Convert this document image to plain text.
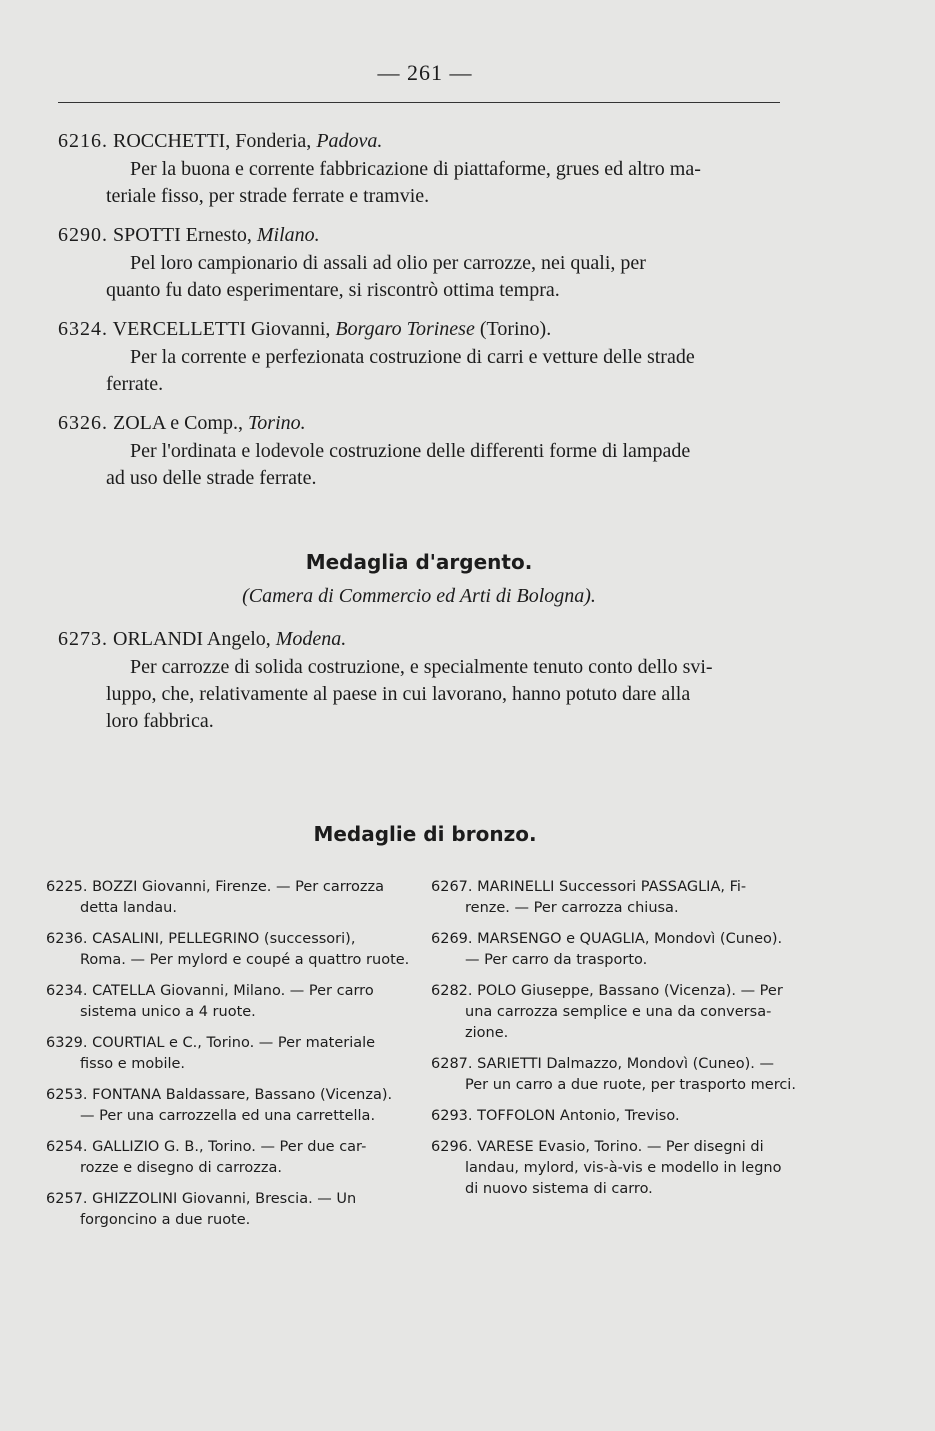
— 261 —

6216. ROCCHETTI, Fonderia, Padova.

Per la buona e corrente fabbricazione di piattaforme, grues ed altro ma-

teriale fisso, per strade ferrate e tramvie.

6290. SPOTTI Ernesto, Milano.

Pel loro campionario di assali ad olio per carrozze, nei quali, per

quanto fu dato esperimentare, si riscontrò ottima tempra.

6324. VERCELLETTI Giovanni, Borgaro Torinese (Torino).

Per la corrente e perfezionata costruzione di carri e vetture delle strade

ferrate.

6326. ZOLA e Comp., Torino.

Per l'ordinata e lodevole costruzione delle differenti forme di lampade

ad uso delle strade ferrate.

Medaglia d'argento.

(Camera di Commercio ed Arti di Bologna).

6273. ORLANDI Angelo, Modena.

Per carrozze di solida costruzione, e specialmente tenuto conto dello svi-

luppo, che, relativamente al paese in cui lavorano, hanno potuto dare alla

loro fabbrica.

Medaglie di bronzo.

6225. BOZZI Giovanni, Firenze. — Per carrozza
detta landau.
6236. CASALINI, PELLEGRINO (successori),
Roma. — Per mylord e coupé a quattro ruote.
6234. CATELLA Giovanni, Milano. — Per carro
sistema unico a 4 ruote.
6329. COURTIAL e C., Torino. — Per materiale
fisso e mobile.
6253. FONTANA Baldassare, Bassano (Vicenza).
— Per una carrozzella ed una carrettella.
6254. GALLIZIO G. B., Torino. — Per due car-
rozze e disegno di carrozza.
6257. GHIZZOLINI Giovanni, Brescia. — Un
forgoncino a due ruote.
6267. MARINELLI Successori PASSAGLIA, Fi-
renze. — Per carrozza chiusa.
6269. MARSENGO e QUAGLIA, Mondovì (Cuneo).
— Per carro da trasporto.
6282. POLO Giuseppe, Bassano (Vicenza). — Per
una carrozza semplice e una da conversa- zione.
6287. SARIETTI Dalmazzo, Mondovì (Cuneo). —
Per un carro a due ruote, per trasporto merci.
6293. TOFFOLON Antonio, Treviso.
6296. VARESE Evasio, Torino. — Per disegni di
landau, mylord, vis-à-vis e modello in legno di nuovo sistema di carro.
